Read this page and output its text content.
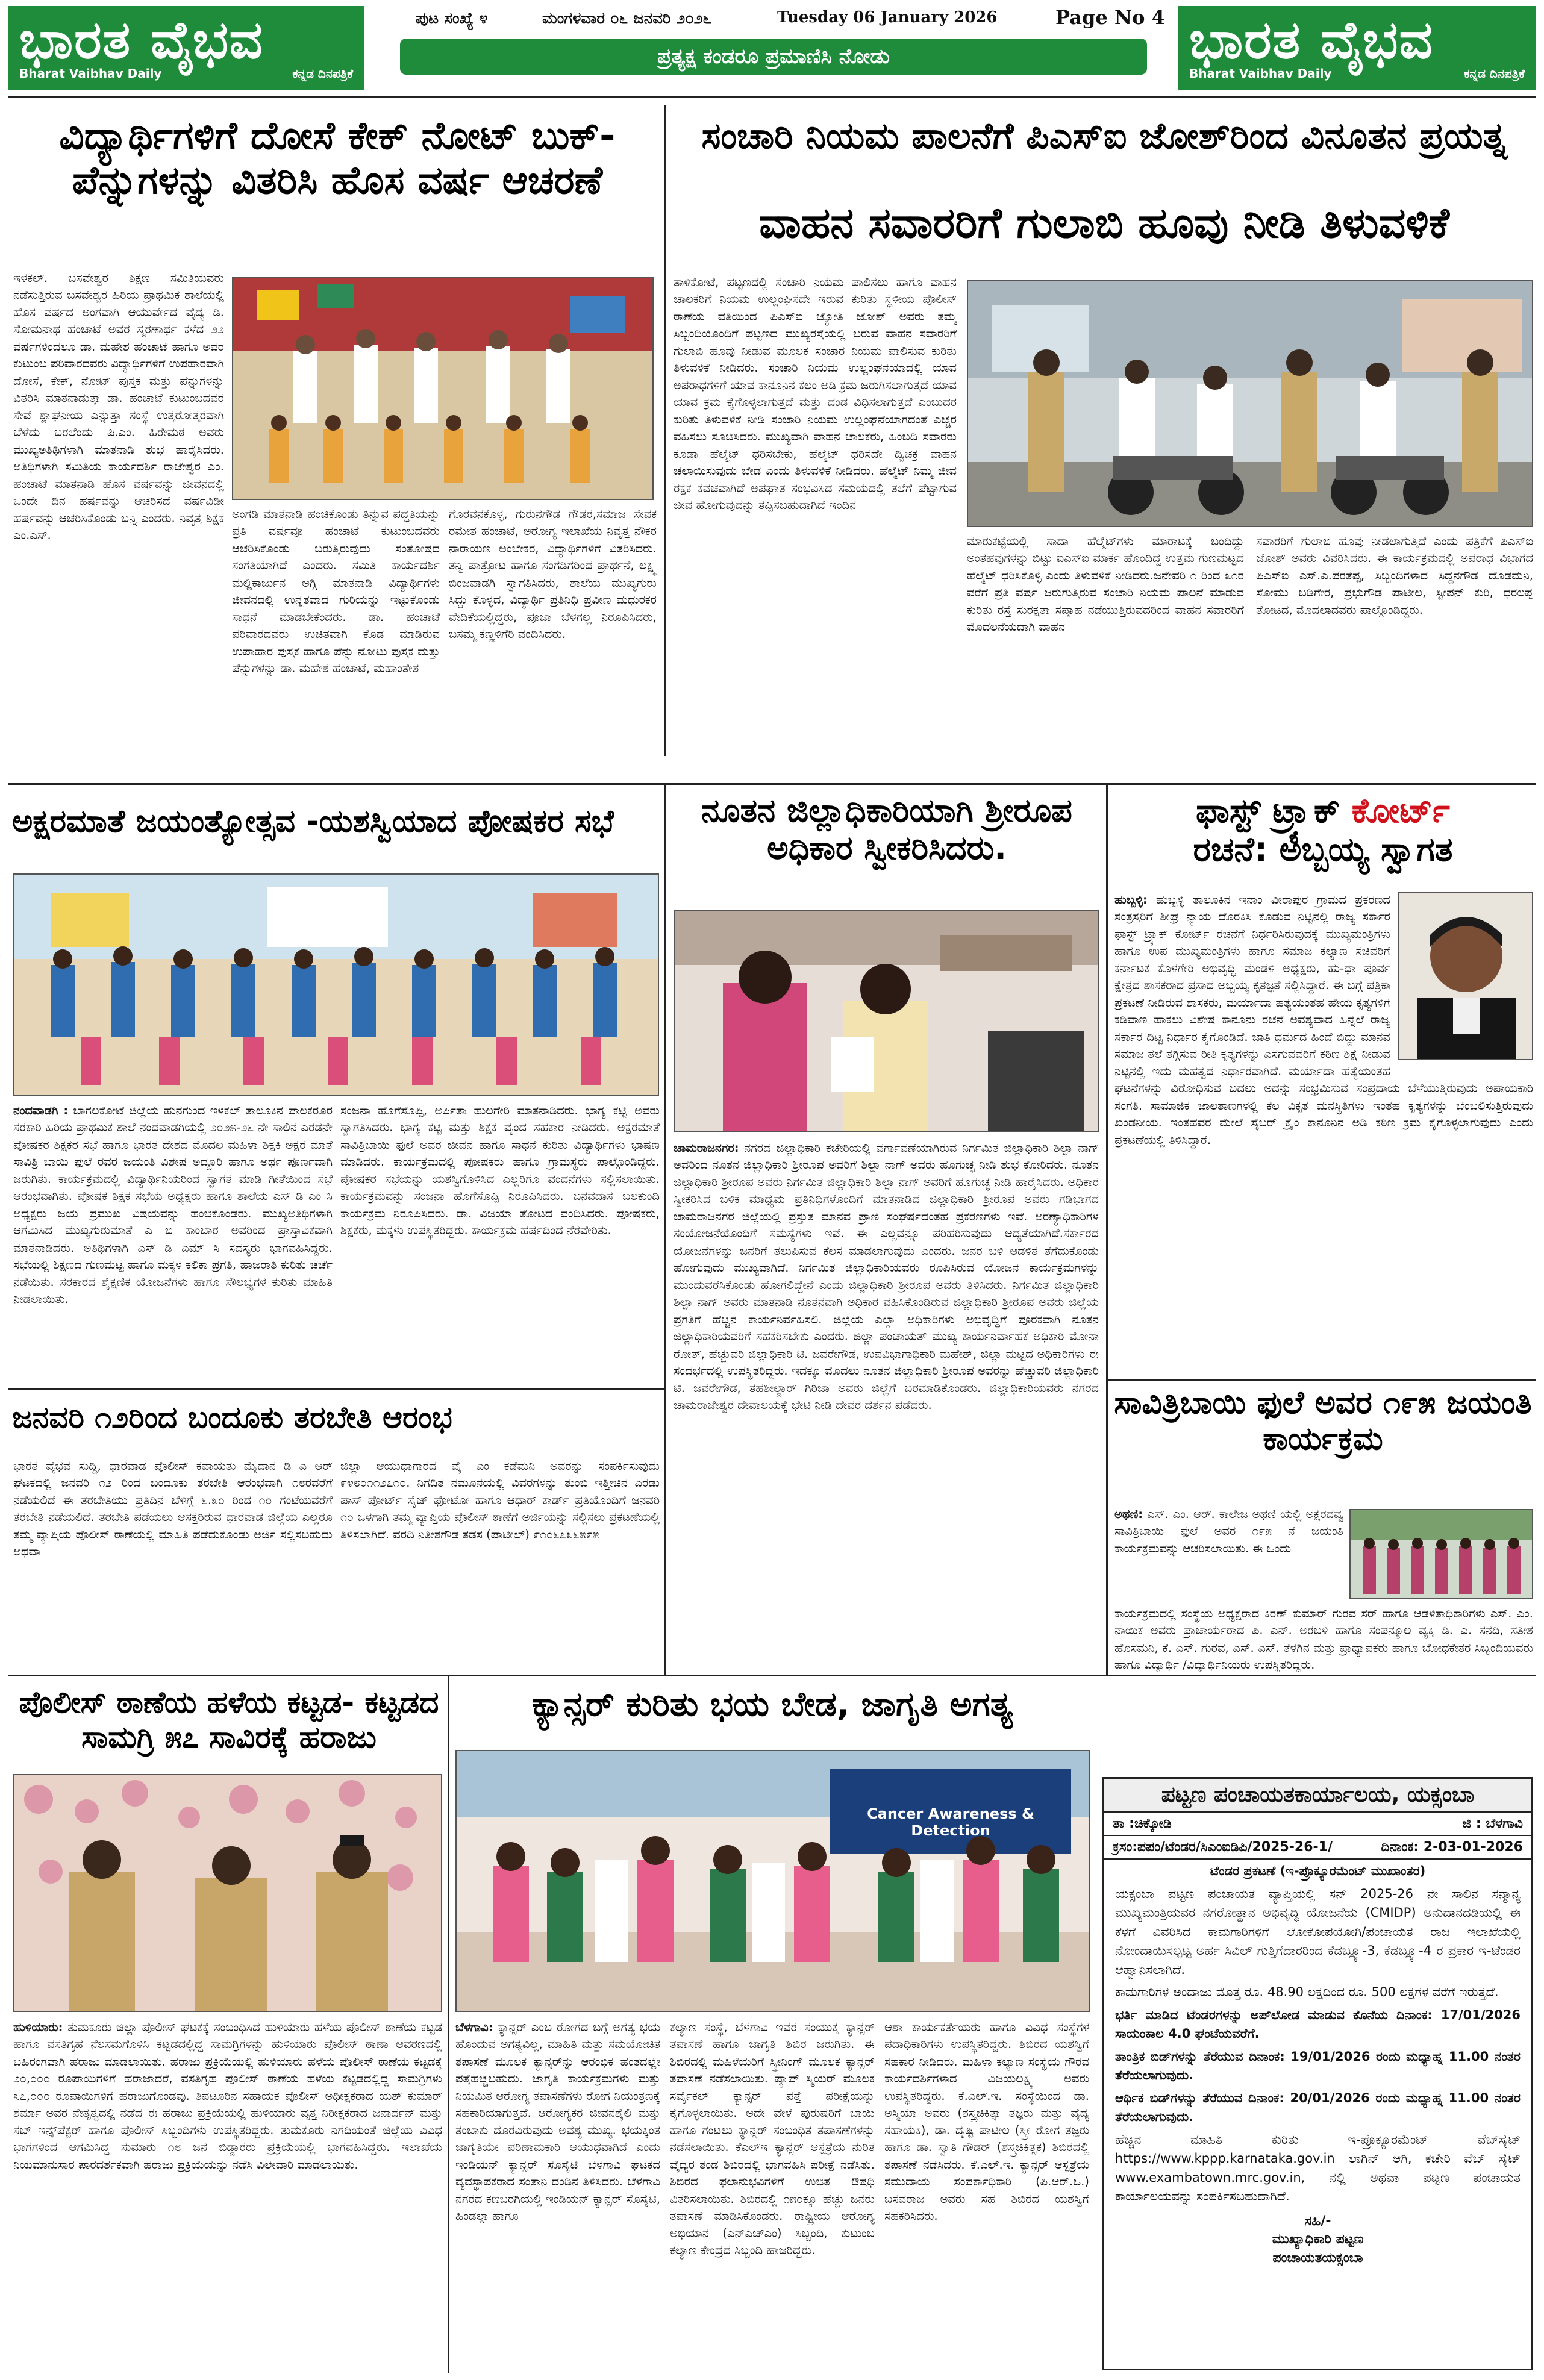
ಭಾರತ ವೈಭವ
Bharat Vaibhav Daily	ಕನ್ನಡ ದಿನಪತ್ರಿಕೆ
ಭಾರತ ವೈಭವ
Bharat Vaibhav Daily	ಕನ್ನಡ ದಿನಪತ್ರಿಕೆ
ಪುಟ ಸಂಖ್ಯೆ ೪	ಮಂಗಳವಾರ ೦೬ ಜನವರಿ ೨೦೨೬	Tuesday 06 January 2026	Page No 4
ಪ್ರತ್ಯಕ್ಷ ಕಂಡರೂ ಪ್ರಮಾಣಿಸಿ ನೋಡು
ವಿದ್ಯಾರ್ಥಿಗಳಿಗೆ ದೋಸೆ ಕೇಕ್ ನೋಟ್ ಬುಕ್- ಪೆನ್ನುಗಳನ್ನು ವಿತರಿಸಿ ಹೊಸ ವರ್ಷ ಆಚರಣೆ
ಇಳಕಲ್. ಬಸವೇಶ್ವರ ಶಿಕ್ಷಣ ಸಮಿತಿಯವರು ನಡೆಸುತ್ತಿರುವ ಬಸವೇಶ್ವರ ಹಿರಿಯ ಪ್ರಾಥಮಿಕ ಶಾಲೆಯಲ್ಲಿ ಹೊಸ ವರ್ಷದ ಅಂಗವಾಗಿ ಆಯುರ್ವೇದ ವೈದ್ಯ ಡಿ. ಸೋಮನಾಥ ಹಂಚಾಟೆ ಅವರ ಸ್ಮರಣಾರ್ಥ ಕಳೆದ ೨೨ ವರ್ಷಗಳಿಂದಲೂ ಡಾ. ಮಹೇಶ ಹಂಚಾಟೆ ಹಾಗೂ ಅವರ ಕುಟುಂಬ ಪರಿವಾರದವರು ವಿದ್ಯಾರ್ಥಿಗಳಿಗೆ ಉಪಹಾರವಾಗಿ ದೋಸೆ, ಕೇಕ್, ನೋಟ್ ಪುಸ್ತಕ ಮತ್ತು ಪೆನ್ನುಗಳನ್ನು ವಿತರಿಸಿ ಮಾತನಾಡುತ್ತಾ ಡಾ. ಹಂಚಾಟೆ ಕುಟುಂಬದವರ ಸೇವೆ ಶ್ಲಾಘನೀಯ ಎನ್ನುತ್ತಾ ಸಂಸ್ಥೆ ಉತ್ತರೋತ್ತರವಾಗಿ ಬೆಳೆದು ಬರಲೆಂದು ಪಿ.ಎಂ. ಹಿರೇಮಠ ಅವರು ಮುಖ್ಯಅತಿಥಿಗಳಾಗಿ ಮಾತನಾಡಿ ಶುಭ ಹಾರೈಸಿದರು. ಅತಿಥಿಗಳಾಗಿ ಸಮಿತಿಯ ಕಾರ್ಯದರ್ಶಿ ರಾಜೇಶ್ವರ ಎಂ. ಹಂಚಾಟೆ ಮಾತನಾಡಿ ಹೊಸ ವರ್ಷವನ್ನು ಜೀವನದಲ್ಲಿ ಒಂದೇ ದಿನ ಹರ್ಷವನ್ನು ಆಚರಿಸದೆ ವರ್ಷವಿಡೀ ಹರ್ಷವನ್ನು ಆಚರಿಸಿಕೊಂಡು ಬನ್ನಿ ಎಂದರು. ನಿವೃತ್ತ ಶಿಕ್ಷಕ ಎಂ.ಎಸ್.
ಅಂಗಡಿ ಮಾತನಾಡಿ ಹಂಚಿಕೊಂಡು ತಿನ್ನುವ ಪದ್ಧತಿಯನ್ನು ಪ್ರತಿ ವರ್ಷವೂ ಹಂಚಾಟೆ ಕುಟುಂಬದವರು ಆಚರಿಸಿಕೊಂಡು ಬರುತ್ತಿರುವುದು ಸಂತೋಷದ ಸಂಗತಿಯಾಗಿದೆ ಎಂದರು. ಸಮಿತಿ ಕಾರ್ಯದರ್ಶಿ ಮಲ್ಲಿಕಾರ್ಜುನ ಅಗ್ಗಿ ಮಾತನಾಡಿ ವಿದ್ಯಾರ್ಥಿಗಳು ಜೀವನದಲ್ಲಿ ಉನ್ನತವಾದ ಗುರಿಯನ್ನು ಇಟ್ಟುಕೊಂಡು ಸಾಧನೆ ಮಾಡಬೇಕೆಂದರು. ಡಾ. ಹಂಚಾಟೆ ಪರಿವಾರದವರು ಉಚಿತವಾಗಿ ಕೊಡ ಮಾಡಿರುವ ಉಪಾಹಾರ ಪುಸ್ತಕ ಹಾಗೂ ಪೆನ್ನು ನೋಟು ಪುಸ್ತಕ ಮತ್ತು ಪೆನ್ನುಗಳನ್ನು ಡಾ. ಮಹೇಶ ಹಂಚಾಟೆ, ಮಹಾಂತೇಶ
ಗೊರವನಕೊಳ್ಳ, ಗುರುನಗೌಡ ಗೌಡರ,ಸಮಾಜ ಸೇವಕ ರಮೇಶ ಹಂಚಾಟೆ, ಅರೋಗ್ಯ ಇಲಾಖೆಯ ನಿವೃತ್ತ ನೌಕರ ನಾರಾಯಣ ಅಂಬೇಕರ, ವಿದ್ಯಾರ್ಥಿಗಳಿಗೆ ವಿತರಿಸಿದರು. ತನ್ವಿ ಪಾತ್ರೋಟ ಹಾಗೂ ಸಂಗಡಿಗರಿಂದ ಪ್ರಾರ್ಥನೆ, ಲಕ್ಷ್ಮಿ ಬಿಂಜವಾಡಗಿ ಸ್ವಾಗತಿಸಿದರು, ಶಾಲೆಯ ಮುಖ್ಯಗುರು ಸಿದ್ದು ಕೊಳ್ಳದ, ವಿದ್ಯಾರ್ಥಿ ಪ್ರತಿನಿಧಿ ಪ್ರವೀಣ ಮಧುರಕರ ವೇದಿಕೆಯಲ್ಲಿದ್ದರು, ಪೂಜಾ ಬೆಳಗಲ್ಲ ನಿರೂಪಿಸಿದರು, ಬಸಮ್ಮ ಕಣ್ಣಳಿಗೆರಿ ವಂದಿಸಿದರು.
ಸಂಚಾರಿ ನಿಯಮ ಪಾಲನೆಗೆ ಪಿಎಸ್ಐ ಜೋಶ್‌ರಿಂದ ವಿನೂತನ ಪ್ರಯತ್ನ
ವಾಹನ ಸವಾರರಿಗೆ ಗುಲಾಬಿ ಹೂವು ನೀಡಿ ತಿಳುವಳಿಕೆ
ತಾಳಿಕೋಟೆ, ಪಟ್ಟಣದಲ್ಲಿ ಸಂಚಾರಿ ನಿಯಮ ಪಾಲಿಸಲು ಹಾಗೂ ವಾಹನ ಚಾಲಕರಿಗೆ ನಿಯಮ ಉಲ್ಲಂಘಿಸದೇ ಇರುವ ಕುರಿತು ಸ್ಥಳೀಯ ಪೊಲೀಸ್ ಠಾಣೆಯ ವತಿಯಿಂದ ಪಿಎಸ್ಐ ಜ್ಯೋತಿ ಜೋಶ್ ಅವರು ತಮ್ಮ ಸಿಬ್ಬಂದಿಯೊಂದಿಗೆ ಪಟ್ಟಣದ ಮುಖ್ಯರಸ್ತೆಯಲ್ಲಿ ಬರುವ ವಾಹನ ಸವಾರರಿಗೆ ಗುಲಾಬಿ ಹೂವು ನೀಡುವ ಮೂಲಕ ಸಂಚಾರ ನಿಯಮ ಪಾಲಿಸುವ ಕುರಿತು ತಿಳುವಳಿಕೆ ನೀಡಿದರು. ಸಂಚಾರಿ ನಿಯಮ ಉಲ್ಲಂಘನೆಯಾದಲ್ಲಿ ಯಾವ ಅಪರಾಧಗಳಿಗೆ ಯಾವ ಕಾನೂನಿನ ಕಲಂ ಅಡಿ ಕ್ರಮ ಜರುಗಿಸಲಾಗುತ್ತದೆ ಯಾವ ಯಾವ ಕ್ರಮ ಕೈಗೊಳ್ಳಲಾಗುತ್ತದೆ ಮತ್ತು ದಂಡ ವಿಧಿಸಲಾಗುತ್ತದೆ ಎಂಬುದರ ಕುರಿತು ತಿಳುವಳಿಕೆ ನೀಡಿ ಸಂಚಾರಿ ನಿಯಮ ಉಲ್ಲಂಘನೆಯಾಗದಂತೆ ಎಚ್ಚರ ವಹಿಸಲು ಸೂಚಿಸಿದರು. ಮುಖ್ಯವಾಗಿ ವಾಹನ ಚಾಲಕರು, ಹಿಂಬದಿ ಸವಾರರು ಕೂಡಾ ಹೆಲ್ಮೆಟ್ ಧರಿಸಬೇಕು, ಹೆಲ್ಮೆಟ್ ಧರಿಸದೇ ದ್ವಿಚಕ್ರ ವಾಹನ ಚಲಾಯಿಸುವುದು ಬೇಡ ಎಂದು ತಿಳುವಳಿಕೆ ನೀಡಿದರು. ಹೆಲ್ಮೆಟ್ ನಿಮ್ಮ ಜೀವ ರಕ್ಷಕ ಕವಚವಾಗಿದೆ ಅಪಘಾತ ಸಂಭವಿಸಿದ ಸಮಯದಲ್ಲಿ ತಲೆಗೆ ಪೆಟ್ಟಾಗುವ ಜೀವ ಹೋಗುವುದನ್ನು ತಪ್ಪಿಸಬಹುದಾಗಿದೆ ಇಂದಿನ
ಮಾರುಕಟ್ಟೆಯಲ್ಲಿ ಸಾದಾ ಹೆಲ್ಮೆಟ್‌ಗಳು ಮಾರಾಟಕ್ಕೆ ಬಂದಿದ್ದು ಅಂತಹವುಗಳನ್ನು ಬಿಟ್ಟು ಐಎಸ್ಐ ಮಾರ್ಕ ಹೊಂದಿದ್ದ ಉತ್ತಮ ಗುಣಮಟ್ಟದ ಹೆಲ್ಮೆಟ್ ಧರಿಸಿಕೊಳ್ಳಿ ಎಂದು ತಿಳುವಳಿಕೆ ನೀಡಿದರು.ಜನೇವರಿ ೧ ರಿಂದ ೩೧ರ ವರೆಗೆ ಪ್ರತಿ ವರ್ಷ ಜರುಗುತ್ತಿರುವ ಸಂಚಾರಿ ನಿಯಮ ಪಾಲನೆ ಮಾಡುವ ಕುರಿತು ರಸ್ತೆ ಸುರಕ್ಷತಾ ಸಪ್ತಾಹ ನಡೆಯುತ್ತಿರುವದರಿಂದ ವಾಹನ ಸವಾರರಿಗೆ ಮೊದಲನೆಯದಾಗಿ ವಾಹನ
ಸವಾರರಿಗೆ ಗುಲಾಬಿ ಹೂವು ನೀಡಲಾಗುತ್ತಿದೆ ಎಂದು ಪತ್ರಿಕೆಗೆ ಪಿಎಸ್ಐ ಜೋಶ್ ಅವರು ವಿವರಿಸಿದರು. ಈ ಕಾರ್ಯಕ್ರಮದಲ್ಲಿ ಅಪರಾಧ ವಿಭಾಗದ ಪಿಎಸ್ಐ ಎಸ್.ಎ.ಪರತೆಪ್ಪ, ಸಿಬ್ಬಂದಿಗಳಾದ ಸಿದ್ದನಗೌಡ ದೊಡಮನಿ, ಸೋಮು ಬಡಿಗೇರ, ಪ್ರಭುಗೌಡ ಪಾಟೀಲ, ಸ್ಟೀಪನ್ ಕುರಿ, ಧರಲಪ್ಪ ತೋಟದ, ಮೊದಲಾದವರು ಪಾಲ್ಗೊಂಡಿದ್ದರು.
ಅಕ್ಷರಮಾತೆ ಜಯಂತ್ಯೋತ್ಸವ -ಯಶಸ್ವಿಯಾದ ಪೋಷಕರ ಸಭೆ
ನಂದವಾಡಗಿ : ಬಾಗಲಕೋಟೆ ಜಿಲ್ಲೆಯ ಹುನಗುಂದ ಇಳಕಲ್ ತಾಲೂಕಿನ ಪಾಲಕರೂರ ಸರಕಾರಿ ಹಿರಿಯ ಪ್ರಾಥಮಿಕ ಶಾಲೆ ನಂದವಾಡಗಿಯಲ್ಲಿ ೨೦೨೫-೨೬ ನೇ ಸಾಲಿನ ಎರಡನೇ ಪೋಷಕರ ಶಿಕ್ಷಕರ ಸಭೆ ಹಾಗೂ ಭಾರತ ದೇಶದ ಮೊದಲ ಮಹಿಳಾ ಶಿಕ್ಷಕಿ ಅಕ್ಷರ ಮಾತೆ ಸಾವಿತ್ರಿ ಬಾಯಿ ಫುಲೆ ರವರ ಜಯಂತಿ ವಿಶೇಷ ಅದ್ದೂರಿ ಹಾಗೂ ಅರ್ಥ ಪೂರ್ಣವಾಗಿ ಜರುಗಿತು. ಕಾರ್ಯಕ್ರಮದಲ್ಲಿ ವಿದ್ಯಾರ್ಥಿನಿಯರಿಂದ ಸ್ವಾಗತ ಮಾಡಿ ಗೀತೆಯಿಂದ ಸಭೆ ಆರಂಭವಾಗಿತು. ಪೋಷಕ ಶಿಕ್ಷಕ ಸಭೆಯ ಅಧ್ಯಕ್ಷರು ಹಾಗೂ ಶಾಲೆಯ ಎಸ್ ಡಿ ಎಂ ಸಿ ಅಧ್ಯಕ್ಷರು ಜಯ ಪ್ರಮುಖ ವಿಷಯವನ್ನು ಹಂಚಿಕೊಂಡರು. ಮುಖ್ಯಅತಿಥಿಗಳಾಗಿ ಆಗಮಿಸಿದ ಮುಖ್ಯಗುರುಮಾತೆ ಎ ಬಿ ಕಾಂಬಾರ ಅವರಿಂದ ಪ್ರಾಸ್ತಾವಿಕವಾಗಿ ಮಾತನಾಡಿದರು. ಅತಿಥಿಗಳಾಗಿ ಎಸ್ ಡಿ ಎಮ್ ಸಿ ಸದಸ್ಯರು ಭಾಗವಹಿಸಿದ್ದರು. ಸಭೆಯಲ್ಲಿ ಶಿಕ್ಷಣದ ಗುಣಮಟ್ಟ ಹಾಗೂ ಮಕ್ಕಳ ಕಲಿಕಾ ಪ್ರಗತಿ, ಹಾಜರಾತಿ ಕುರಿತು ಚರ್ಚೆ ನಡೆಯಿತು. ಸರಕಾರದ ಶೈಕ್ಷಣಿಕ ಯೋಜನೆಗಳು ಹಾಗೂ ಸೌಲಭ್ಯಗಳ ಕುರಿತು ಮಾಹಿತಿ ನೀಡಲಾಯಿತು.
ಸಂಜನಾ ಹೊಗೆಸೊಪ್ಪಿ, ಅರ್ಪಿತಾ ಹುಲಗೇರಿ ಮಾತನಾಡಿದರು. ಭಾಗ್ಯ ಕಟ್ಟಿ ಅವರು ಸ್ವಾಗತಿಸಿದರು. ಭಾಗ್ಯ ಕಟ್ಟಿ ಮತ್ತು ಶಿಕ್ಷಕ ವೃಂದ ಸಹಕಾರ ನೀಡಿದರು. ಅಕ್ಷರಮಾತೆ ಸಾವಿತ್ರಿಬಾಯಿ ಫುಲೆ ಅವರ ಜೀವನ ಹಾಗೂ ಸಾಧನೆ ಕುರಿತು ವಿದ್ಯಾರ್ಥಿಗಳು ಭಾಷಣ ಮಾಡಿದರು. ಕಾರ್ಯಕ್ರಮದಲ್ಲಿ ಪೋಷಕರು ಹಾಗೂ ಗ್ರಾಮಸ್ಥರು ಪಾಲ್ಗೊಂಡಿದ್ದರು. ಪೋಷಕರ ಸಭೆಯನ್ನು ಯಶಸ್ವಿಗೊಳಿಸಿದ ಎಲ್ಲರಿಗೂ ವಂದನೆಗಳು ಸಲ್ಲಿಸಲಾಯಿತು. ಕಾರ್ಯಕ್ರಮವನ್ನು ಸಂಜನಾ ಹೊಗೆಸೊಪ್ಪಿ ನಿರೂಪಿಸಿದರು. ಬನವದಾಸ ಬಲಕುಂದಿ ಕಾರ್ಯಕ್ರಮ ನಿರೂಪಿಸಿದರು. ಡಾ. ವಿಜಯಾ ತೋಟದ ವಂದಿಸಿದರು. ಪೋಷಕರು, ಶಿಕ್ಷಕರು, ಮಕ್ಕಳು ಉಪಸ್ಥಿತರಿದ್ದರು. ಕಾರ್ಯಕ್ರಮ ಹರ್ಷದಿಂದ ನೆರವೇರಿತು.
ಜನವರಿ ೧೨ರಿಂದ ಬಂದೂಕು ತರಬೇತಿ ಆರಂಭ
ಭಾರತ ವೈಭವ ಸುದ್ದಿ, ಧಾರವಾಡ ಪೊಲೀಸ್ ಕವಾಯತು ಮೈದಾನ ಡಿ ಎ ಆರ್ ಘಟಕದಲ್ಲಿ ಜನವರಿ ೧೨ ರಿಂದ ಬಂದೂಕು ತರಬೇತಿ ಆರಂಭವಾಗಿ ೧೮ರವರೆಗೆ ನಡೆಯಲಿದೆ ಈ ತರಬೇತಿಯು ಪ್ರತಿದಿನ ಬೆಳಿಗ್ಗೆ ೬.೩೦ ರಿಂದ ೧೦ ಗಂಟೆಯವರೆಗೆ ತರಬೇತಿ ನಡೆಯಲಿದೆ. ತರಬೇತಿ ಪಡೆಯಲು ಆಸಕ್ತರಿರುವ ಧಾರವಾಡ ಜಿಲ್ಲೆಯ ಎಲ್ಲರೂ ತಮ್ಮ ವ್ಯಾಪ್ತಿಯ ಪೊಲೀಸ್ ಠಾಣೆಯಲ್ಲಿ ಮಾಹಿತಿ ಪಡೆದುಕೊಂಡು ಅರ್ಜಿ ಸಲ್ಲಿಸಬಹುದು ಅಥವಾ
ಜಿಲ್ಲಾ ಆಯುಧಾಗಾರದ ವೈ ಎಂ ಕಡೆಮನಿ ಅವರನ್ನು ಸಂಪರ್ಕಿಸುವುದು ೯೪೮೦೧೧೨೭೧೦. ನಿಗದಿತ ನಮೂನೆಯಲ್ಲಿ ವಿವರಗಳನ್ನು ತುಂಬಿ ಇತ್ತೀಚಿನ ಎರಡು ಪಾಸ್ ಪೋರ್ಟ್ ಸೈಜ್ ಫೋಟೋ ಹಾಗೂ ಆಧಾರ್ ಕಾರ್ಡ್ ಪ್ರತಿಯೊಂದಿಗೆ ಜನವರಿ ೧೦ ಒಳಗಾಗಿ ತಮ್ಮ ವ್ಯಾಪ್ತಿಯ ಪೊಲೀಸ್ ಠಾಣೆಗೆ ಅರ್ಜಿಯನ್ನು ಸಲ್ಲಿಸಲು ಪ್ರಕಟಣೆಯಲ್ಲಿ ತಿಳಿಸಲಾಗಿದೆ. ವರದಿ ನಿತೀಶಗೌಡ ತಡಸ (ಪಾಟೀಲ್) ೯೧೦೬೭೩೬೫೯೫
ನೂತನ ಜಿಲ್ಲಾಧಿಕಾರಿಯಾಗಿ ಶ್ರೀರೂಪ ಅಧಿಕಾರ ಸ್ವೀಕರಿಸಿದರು.
ಚಾಮರಾಜನಗರ: ನಗರದ ಜಿಲ್ಲಾಧಿಕಾರಿ ಕಚೇರಿಯಲ್ಲಿ ವರ್ಗಾವಣೆಯಾಗಿರುವ ನಿರ್ಗಮಿತ ಜಿಲ್ಲಾಧಿಕಾರಿ ಶಿಲ್ಪಾ ನಾಗ್ ಅವರಿಂದ ನೂತನ ಜಿಲ್ಲಾಧಿಕಾರಿ ಶ್ರೀರೂಪ ಅವರಿಗೆ ಶಿಲ್ಪಾ ನಾಗ್ ಅವರು ಹೂಗುಚ್ಛ ನೀಡಿ ಶುಭ ಕೋರಿದರು. ನೂತನ ಜಿಲ್ಲಾಧಿಕಾರಿ ಶ್ರೀರೂಪ ಅವರು ನಿರ್ಗಮಿತ ಜಿಲ್ಲಾಧಿಕಾರಿ ಶಿಲ್ಪಾ ನಾಗ್ ಅವರಿಗೆ ಹೂಗುಚ್ಛ ನೀಡಿ ಹಾರೈಸಿದರು. ಅಧಿಕಾರ ಸ್ವೀಕರಿಸಿದ ಬಳಿಕ ಮಾಧ್ಯಮ ಪ್ರತಿನಿಧಿಗಳೊಂದಿಗೆ ಮಾತನಾಡಿದ ಜಿಲ್ಲಾಧಿಕಾರಿ ಶ್ರೀರೂಪ ಅವರು ಗಡಿಭಾಗದ ಚಾಮರಾಜನಗರ ಜಿಲ್ಲೆಯಲ್ಲಿ ಪ್ರಸ್ತುತ ಮಾನವ ಪ್ರಾಣಿ ಸಂಘರ್ಷದಂತಹ ಪ್ರಕರಣಗಳು ಇವೆ. ಅರಣ್ಯಾಧಿಕಾರಿಗಳ ಸಂಯೋಜನೆಯೊಂದಿಗೆ ಸಮಸ್ಯೆಗಳು ಇವೆ. ಈ ಎಲ್ಲವನ್ನೂ ಪರಿಹರಿಸುವುದು ಆದ್ಯತೆಯಾಗಿದೆ.ಸರ್ಕಾರದ ಯೋಜನೆಗಳನ್ನು ಜನರಿಗೆ ತಲುಪಿಸುವ ಕೆಲಸ ಮಾಡಲಾಗುವುದು ಎಂದರು. ಜನರ ಬಳಿ ಆಡಳಿತ ತೆಗೆದುಕೊಂಡು ಹೋಗುವುದು ಮುಖ್ಯವಾಗಿದೆ. ನಿರ್ಗಮಿತ ಜಿಲ್ಲಾಧಿಕಾರಿಯವರು ರೂಪಿಸಿರುವ ಯೋಜನೆ ಕಾರ್ಯಕ್ರಮಗಳನ್ನು ಮುಂದುವರೆಸಿಕೊಂಡು ಹೋಗಲಿದ್ದೇನೆ ಎಂದು ಜಿಲ್ಲಾಧಿಕಾರಿ ಶ್ರೀರೂಪ ಅವರು ತಿಳಿಸಿದರು. ನಿರ್ಗಮಿತ ಜಿಲ್ಲಾಧಿಕಾರಿ ಶಿಲ್ಪಾ ನಾಗ್ ಅವರು ಮಾತನಾಡಿ ನೂತನವಾಗಿ ಅಧಿಕಾರ ವಹಿಸಿಕೊಂಡಿರುವ ಜಿಲ್ಲಾಧಿಕಾರಿ ಶ್ರೀರೂಪ ಅವರು ಜಿಲ್ಲೆಯ ಪ್ರಗತಿಗೆ ಹೆಚ್ಚಿನ ಕಾರ್ಯನಿರ್ವಹಿಸಲಿ. ಜಿಲ್ಲೆಯ ಎಲ್ಲಾ ಅಧಿಕಾರಿಗಳು ಅಭಿವೃದ್ಧಿಗೆ ಪೂರಕವಾಗಿ ನೂತನ ಜಿಲ್ಲಾಧಿಕಾರಿಯವರಿಗೆ ಸಹಕರಿಸಬೇಕು ಎಂದರು. ಜಿಲ್ಲಾ ಪಂಚಾಯತ್ ಮುಖ್ಯ ಕಾರ್ಯನಿರ್ವಾಹಕ ಅಧಿಕಾರಿ ಮೋನಾ ರೋತ್, ಹೆಚ್ಚುವರಿ ಜಿಲ್ಲಾಧಿಕಾರಿ ಟಿ. ಜವರೇಗೌಡ, ಉಪವಿಭಾಗಾಧಿಕಾರಿ ಮಹೇಶ್, ಜಿಲ್ಲಾ ಮಟ್ಟದ ಅಧಿಕಾರಿಗಳು ಈ ಸಂದರ್ಭದಲ್ಲಿ ಉಪಸ್ಥಿತರಿದ್ದರು. ಇದಕ್ಕೂ ಮೊದಲು ನೂತನ ಜಿಲ್ಲಾಧಿಕಾರಿ ಶ್ರೀರೂಪ ಅವರನ್ನು ಹೆಚ್ಚುವರಿ ಜಿಲ್ಲಾಧಿಕಾರಿ ಟಿ. ಜವರೇಗೌಡ, ತಹಶೀಲ್ದಾರ್ ಗಿರಿಜಾ ಅವರು ಜಿಲ್ಲೆಗೆ ಬರಮಾಡಿಕೊಂಡರು. ಜಿಲ್ಲಾಧಿಕಾರಿಯವರು ನಗರದ ಚಾಮರಾಜೇಶ್ವರ ದೇವಾಲಯಕ್ಕೆ ಭೇಟಿ ನೀಡಿ ದೇವರ ದರ್ಶನ ಪಡೆದರು.
ಫಾಸ್ಟ್ ಟ್ರ್ಯಾಕ್ ಕೋರ್ಟ್
ರಚನೆ: ಅಬ್ಬಯ್ಯ ಸ್ವಾಗತ
ಹುಬ್ಬಳ್ಳಿ: ಹುಬ್ಬಳ್ಳಿ ತಾಲೂಕಿನ ಇನಾಂ ವೀರಾಪುರ ಗ್ರಾಮದ ಪ್ರಕರಣದ ಸಂತ್ರಸ್ತರಿಗೆ ಶೀಘ್ರ ನ್ಯಾಯ ದೊರಕಿಸಿ ಕೊಡುವ ನಿಟ್ಟಿನಲ್ಲಿ ರಾಜ್ಯ ಸರ್ಕಾರ ಫಾಸ್ಟ್ ಟ್ರ್ಯಾಕ್ ಕೋರ್ಟ್ ರಚನೆಗೆ ನಿರ್ಧರಿಸಿರುವುದಕ್ಕೆ ಮುಖ್ಯಮಂತ್ರಿಗಳು ಹಾಗೂ ಉಪ ಮುಖ್ಯಮಂತ್ರಿಗಳು ಹಾಗೂ ಸಮಾಜ ಕಲ್ಯಾಣ ಸಚಿವರಿಗೆ ಕರ್ನಾಟಕ ಕೊಳಗೇರಿ ಅಭಿವೃದ್ಧಿ ಮಂಡಳಿ ಅಧ್ಯಕ್ಷರು, ಹು-ಧಾ ಪೂರ್ವ ಕ್ಷೇತ್ರದ ಶಾಸಕರಾದ ಪ್ರಸಾದ ಅಬ್ಬಯ್ಯ ಕೃತಜ್ಞತೆ ಸಲ್ಲಿಸಿದ್ದಾರೆ. ಈ ಬಗ್ಗೆ ಪತ್ರಿಕಾ ಪ್ರಕಟಣೆ ನೀಡಿರುವ ಶಾಸಕರು, ಮರ್ಯಾದಾ ಹತ್ಯೆಯಂತಹ ಹೇಯ ಕೃತ್ಯಗಳಿಗೆ ಕಡಿವಾಣ ಹಾಕಲು ವಿಶೇಷ ಕಾನೂನು ರಚನೆ ಅವಶ್ಯವಾದ ಹಿನ್ನೆಲೆ ರಾಜ್ಯ ಸರ್ಕಾರ ದಿಟ್ಟ ನಿರ್ಧಾರ ಕೈಗೊಂಡಿದೆ. ಜಾತಿ ಧರ್ಮದ ಹಿಂದೆ ಬಿದ್ದು ಮಾನವ ಸಮಾಜ ತಲೆ ತಗ್ಗಿಸುವ ರೀತಿ ಕೃತ್ಯಗಳನ್ನು ಎಸಗುವವರಿಗೆ ಕಠಿಣ ಶಿಕ್ಷೆ ನೀಡುವ ನಿಟ್ಟಿನಲ್ಲಿ ಇದು ಮಹತ್ವದ ನಿರ್ಧಾರವಾಗಿದೆ. ಮರ್ಯಾದಾ ಹತ್ಯೆಯಂತಹ ಘಟನೆಗಳನ್ನು ವಿರೋಧಿಸುವ ಬದಲು ಅದನ್ನು ಸಂಭ್ರಮಿಸುವ ಸಂಪ್ರದಾಯ ಬೆಳೆಯುತ್ತಿರುವುದು ಅಪಾಯಕಾರಿ ಸಂಗತಿ. ಸಾಮಾಜಿಕ ಜಾಲತಾಣಗಳಲ್ಲಿ ಕೆಲ ವಿಕೃತ ಮನಸ್ಥಿತಿಗಳು ಇಂತಹ ಕೃತ್ಯಗಳನ್ನು ಬೆಂಬಲಿಸುತ್ತಿರುವುದು ಖಂಡನೀಯ. ಇಂತಹವರ ಮೇಲೆ ಸೈಬರ್ ಕ್ರೈಂ ಕಾನೂನಿನ ಅಡಿ ಕಠಿಣ ಕ್ರಮ ಕೈಗೊಳ್ಳಲಾಗುವುದು ಎಂದು ಪ್ರಕಟಣೆಯಲ್ಲಿ ತಿಳಿಸಿದ್ದಾರೆ.
ಸಾವಿತ್ರಿಬಾಯಿ ಫುಲೆ ಅವರ ೧೯೫ ಜಯಂತಿ ಕಾರ್ಯಕ್ರಮ
ಅಥಣಿ: ಎಸ್. ಎಂ. ಆರ್. ಕಾಲೇಜ ಅಥಣಿ ಯಲ್ಲಿ ಅಕ್ಷರದವ್ವ ಸಾವಿತ್ರಿಬಾಯಿ ಫುಲೆ ಅವರ ೧೯೫ ನೆ ಜಯಂತಿ ಕಾರ್ಯಕ್ರಮವನ್ನು ಆಚರಿಸಲಾಯಿತು. ಈ ಒಂದು
ಕಾರ್ಯಕ್ರಮದಲ್ಲಿ ಸಂಸ್ಥೆಯ ಅಧ್ಯಕ್ಷರಾದ ಕಿರಣ್ ಕುಮಾರ್ ಗುರವ ಸರ್ ಹಾಗೂ ಆಡಳಿತಾಧಿಕಾರಿಗಳು ಎಸ್. ಎಂ. ನಾಯಿಕ ಅವರು ಪ್ರಾಚಾರ್ಯರಾದ ಪಿ. ಎನ್. ಅರಬಳಿ ಹಾಗೂ ಸಂಪನ್ಮೂಲ ವ್ಯಕ್ತಿ ಡಿ. ಎ. ಸನದಿ, ಸತೀಶ ಹೊಸಮನಿ, ಕೆ. ಎಸ್. ಗುರವ, ಎಸ್. ಎಸ್. ತೆಳಗಿನ ಮತ್ತು ಪ್ರಾಧ್ಯಾಪಕರು ಹಾಗೂ ಬೋಧಕೇತರ ಸಿಬ್ಬಂದಿಯವರು ಹಾಗೂ ವಿದ್ಯಾರ್ಥಿ /ವಿದ್ಯಾರ್ಥಿನಿಯರು ಉಪಸ್ಥಿತರಿದ್ದರು.
ಪೊಲೀಸ್ ಠಾಣೆಯ ಹಳೆಯ ಕಟ್ಟಡ- ಕಟ್ಟಡದ ಸಾಮಗ್ರಿ ೫೭ ಸಾವಿರಕ್ಕೆ ಹರಾಜು
ಹುಳಿಯಾರು: ತುಮಕೂರು ಜಿಲ್ಲಾ ಪೊಲೀಸ್ ಘಟಕಕ್ಕೆ ಸಂಬಂಧಿಸಿದ ಹುಳಿಯಾರು ಹಳೆಯ ಪೊಲೀಸ್ ಠಾಣೆಯ ಕಟ್ಟಡ ಹಾಗೂ ವಸತಿಗೃಹ ನೆಲಸಮಗೊಳಿಸಿ ಕಟ್ಟಡದಲ್ಲಿದ್ದ ಸಾಮಗ್ರಿಗಳನ್ನು ಹುಳಿಯಾರು ಪೊಲೀಸ್ ಠಾಣಾ ಆವರಣದಲ್ಲಿ ಬಹಿರಂಗವಾಗಿ ಹರಾಜು ಮಾಡಲಾಯಿತು. ಹರಾಜು ಪ್ರಕ್ರಿಯೆಯಲ್ಲಿ ಹುಳಿಯಾರು ಹಳೆಯ ಪೊಲೀಸ್ ಠಾಣೆಯ ಕಟ್ಟಡಕ್ಕೆ ೨೦,೦೦೦ ರೂಪಾಯಿಗಳಿಗೆ ಹರಾಜಾದರೆ, ವಸತಿಗೃಹ ಪೊಲೀಸ್ ಠಾಣೆಯ ಹಳೆಯ ಕಟ್ಟಡದಲ್ಲಿದ್ದ ಸಾಮಗ್ರಿಗಳು ೩೭,೦೦೦ ರೂಪಾಯಿಗಳಿಗೆ ಹರಾಜುಗೊಂಡವು. ತಿಪಟೂರಿನ ಸಹಾಯಕ ಪೊಲೀಸ್ ಅಧೀಕ್ಷಕರಾದ ಯಶ್ ಕುಮಾರ್ ಶರ್ಮಾ ಅವರ ನೇತೃತ್ವದಲ್ಲಿ ನಡೆದ ಈ ಹರಾಜು ಪ್ರಕ್ರಿಯೆಯಲ್ಲಿ ಹುಳಿಯಾರು ವೃತ್ತ ನಿರೀಕ್ಷಕರಾದ ಜನಾರ್ದನ್ ಮತ್ತು ಸಬ್ ಇನ್ಸ್‌ಪೆಕ್ಟರ್ ಹಾಗೂ ಪೊಲೀಸ್ ಸಿಬ್ಬಂದಿಗಳು ಉಪಸ್ಥಿತರಿದ್ದರು. ತುಮಕೂರು ನಿಗದಿಯಂತೆ ಜಿಲ್ಲೆಯ ವಿವಿಧ ಭಾಗಗಳಿಂದ ಆಗಮಿಸಿದ್ದ ಸುಮಾರು ೧೮ ಜನ ಬಿಡ್ದಾರರು ಪ್ರಕ್ರಿಯೆಯಲ್ಲಿ ಭಾಗವಹಿಸಿದ್ದರು. ಇಲಾಖೆಯ ನಿಯಮಾನುಸಾರ ಪಾರದರ್ಶಕವಾಗಿ ಹರಾಜು ಪ್ರಕ್ರಿಯೆಯನ್ನು ನಡೆಸಿ ವಿಲೇವಾರಿ ಮಾಡಲಾಯಿತು.
ಕ್ಯಾನ್ಸರ್ ಕುರಿತು ಭಯ ಬೇಡ, ಜಾಗೃತಿ ಅಗತ್ಯ
Cancer Awareness & Detection
ಬೆಳಗಾವಿ: ಕ್ಯಾನ್ಸರ್ ಎಂಬ ರೋಗದ ಬಗ್ಗೆ ಅಗತ್ಯ ಭಯ ಹೊಂದುವ ಅಗತ್ಯವಿಲ್ಲ, ಮಾಹಿತಿ ಮತ್ತು ಸಮಯೋಚಿತ ತಪಾಸಣೆ ಮೂಲಕ ಕ್ಯಾನ್ಸರ್‌ನ್ನು ಆರಂಭಿಕ ಹಂತದಲ್ಲೇ ಪತ್ತೆಹಚ್ಚಬಹುದು. ಜಾಗೃತಿ ಕಾರ್ಯಕ್ರಮಗಳು ಮತ್ತು ನಿಯಮಿತ ಆರೋಗ್ಯ ತಪಾಸಣೆಗಳು ರೋಗ ನಿಯಂತ್ರಣಕ್ಕೆ ಸಹಕಾರಿಯಾಗುತ್ತವೆ. ಆರೋಗ್ಯಕರ ಜೀವನಶೈಲಿ ಮತ್ತು ತಂಬಾಕು ದೂರವಿರುವುದು ಅವಶ್ಯ ಮುಖ್ಯ. ಭಯಕ್ಕಿಂತ ಜಾಗೃತಿಯೇ ಪರಿಣಾಮಕಾರಿ ಆಯುಧವಾಗಿದೆ ಎಂದು ಇಂಡಿಯನ್ ಕ್ಯಾನ್ಸರ್ ಸೊಸೈಟಿ ಬೆಳಗಾವಿ ಘಟಕದ ವ್ಯವಸ್ಥಾಪಕರಾದ ಸಂತಾನಿ ದಂಡಿನ ತಿಳಿಸಿದರು. ಬೆಳಗಾವಿ ನಗರದ ಕಣಬರಗಿಯಲ್ಲಿ ಇಂಡಿಯನ್ ಕ್ಯಾನ್ಸರ್ ಸೊಸೈಟಿ, ಹಿಂಡಲ್ಗಾ ಹಾಗೂ
ಕಲ್ಯಾಣ ಸಂಸ್ಥೆ, ಬೆಳಗಾವಿ ಇವರ ಸಂಯುಕ್ತ ಕ್ಯಾನ್ಸರ್ ತಪಾಸಣೆ ಹಾಗೂ ಜಾಗೃತಿ ಶಿಬಿರ ಜರುಗಿತು. ಈ ಶಿಬಿರದಲ್ಲಿ ಮಹಿಳೆಯರಿಗೆ ಸ್ಕ್ರೀನಿಂಗ್ ಮೂಲಕ ಕ್ಯಾನ್ಸರ್ ತಪಾಸಣೆ ನಡೆಸಲಾಯಿತು. ಪ್ಯಾಪ್ ಸ್ಮಿಯರ್ ಮೂಲಕ ಸರ್ವೈಕಲ್ ಕ್ಯಾನ್ಸರ್ ಪತ್ತೆ ಪರೀಕ್ಷೆಯನ್ನು ಕೈಗೊಳ್ಳಲಾಯಿತು. ಅದೇ ವೇಳೆ ಪುರುಷರಿಗೆ ಬಾಯಿ ಹಾಗೂ ಗಂಟಲು ಕ್ಯಾನ್ಸರ್ ಸಂಬಂಧಿತ ತಪಾಸಣೆಗಳನ್ನು ನಡೆಸಲಾಯಿತು. ಕೆಎಲ್‌ಇ ಕ್ಯಾನ್ಸರ್ ಆಸ್ಪತ್ರೆಯ ನುರಿತ ವೈದ್ಯರ ತಂಡ ಶಿಬಿರದಲ್ಲಿ ಭಾಗವಹಿಸಿ ಪರೀಕ್ಷೆ ನಡೆಸಿತು. ಶಿಬಿರದ ಫಲಾನುಭವಿಗಳಿಗೆ ಉಚಿತ ಔಷಧಿ ವಿತರಿಸಲಾಯಿತು. ಶಿಬಿರದಲ್ಲಿ ೧೫೦ಕ್ಕೂ ಹೆಚ್ಚು ಜನರು ತಪಾಸಣೆ ಮಾಡಿಸಿಕೊಂಡರು. ರಾಷ್ಟ್ರೀಯ ಆರೋಗ್ಯ ಅಭಿಯಾನ (ಎನ್‌ಎಚ್‌ಎಂ) ಸಿಬ್ಬಂದಿ, ಕುಟುಂಬ ಕಲ್ಯಾಣ ಕೇಂದ್ರದ ಸಿಬ್ಬಂದಿ ಹಾಜರಿದ್ದರು.
ಆಶಾ ಕಾರ್ಯಕರ್ತೆಯರು ಹಾಗೂ ವಿವಿಧ ಸಂಸ್ಥೆಗಳ ಪದಾಧಿಕಾರಿಗಳು ಉಪಸ್ಥಿತರಿದ್ದರು. ಶಿಬಿರದ ಯಶಸ್ವಿಗೆ ಸಹಕಾರ ನೀಡಿದರು. ಮಹಿಳಾ ಕಲ್ಯಾಣ ಸಂಸ್ಥೆಯ ಗೌರವ ಕಾರ್ಯದರ್ಶಿಗಳಾದ ವಿಜಯಲಕ್ಷ್ಮಿ ಅವರು ಉಪಸ್ಥಿತರಿದ್ದರು. ಕೆ.ಎಲ್.ಇ. ಸಂಸ್ಥೆಯಿಂದ ಡಾ. ಅಸ್ಮಿಯಾ ಅವರು (ಶಸ್ತ್ರಚಿಕಿತ್ಸಾ ತಜ್ಞರು ಮತ್ತು ವೈದ್ಯ ಸಹಾಯಕಿ), ಡಾ. ದೃಷ್ಟಿ ಪಾಟೀಲ (ಸ್ತ್ರೀ ರೋಗ ತಜ್ಞರು ಹಾಗೂ ಡಾ. ಸ್ವಾತಿ ಗೌಡರ್ (ಶಸ್ತ್ರಚಿಕಿತ್ಸಕ) ಶಿಬಿರದಲ್ಲಿ ತಪಾಸಣೆ ನಡೆಸಿದರು. ಕೆ.ಎಲ್.ಇ. ಕ್ಯಾನ್ಸರ್ ಆಸ್ಪತ್ರೆಯ ಸಮುದಾಯ ಸಂಪರ್ಕಾಧಿಕಾರಿ (ಪಿ.ಆರ್.ಒ.) ಬಸವರಾಜ ಅವರು ಸಹ ಶಿಬಿರದ ಯಶಸ್ವಿಗೆ ಸಹಕರಿಸಿದರು.
ಪಟ್ಟಣ ಪಂಚಾಯತಕಾರ್ಯಾಲಯ, ಯಕ್ಸಂಬಾ
ತಾ :ಚಿಕ್ಕೋಡಿ	ಜಿ : ಬೆಳಗಾವಿ
ಕ್ರಸಂ:ಪಪಂ/ಟೆಂಡರ/ಸಿಎಂಐಡಿಪಿ/2025-26-1/	ದಿನಾಂಕ: 2-03-01-2026
ಟೆಂಡರ ಪ್ರಕಟಣೆ (ಇ-ಪ್ರೊಕ್ಯೂರಮೆಂಟ್ ಮುಖಾಂತರ)
ಯಕ್ಸಂಬಾ ಪಟ್ಟಣ ಪಂಚಾಯತ ವ್ಯಾಪ್ತಿಯಲ್ಲಿ ಸನ್ 2025-26 ನೇ ಸಾಲಿನ ಸನ್ಮಾನ್ಯ ಮುಖ್ಯಮಂತ್ರಿಯವರ ನಗರೋತ್ಥಾನ ಅಭಿವೃದ್ಧಿ ಯೋಜನೆಯ (CMIDP) ಅನುದಾನದಡಿಯಲ್ಲಿ ಈ ಕೆಳಗೆ ವಿವರಿಸಿದ ಕಾಮಗಾರಿಗಳಿಗೆ ಲೋಕೋಪಯೋಗಿ/ಪಂಚಾಯತ ರಾಜ ಇಲಾಖೆಯಲ್ಲಿ ನೋಂದಾಯಿಸಲ್ಪಟ್ಟ ಅರ್ಹ ಸಿವಿಲ್ ಗುತ್ತಿಗೆದಾರರಿಂದ ಕೆಡಬ್ಲ್ಯೂ-3, ಕೆಡಬ್ಲ್ಯೂ-4 ರ ಪ್ರಕಾರ ಇ-ಟೆಂಡರ ಆಹ್ವಾನಿಸಲಾಗಿದೆ.
ಕಾಮಗಾರಿಗಳ ಅಂದಾಜು ಮೊತ್ತ ರೂ. 48.90 ಲಕ್ಷದಿಂದ ರೂ. 500 ಲಕ್ಷಗಳ ವರೆಗೆ ಇರುತ್ತದೆ.
ಭರ್ತಿ ಮಾಡಿದ ಟೆಂಡರಗಳನ್ನು ಅಪ್‌ಲೋಡ ಮಾಡುವ ಕೊನೆಯ ದಿನಾಂಕ: 17/01/2026 ಸಾಯಂಕಾಲ 4.0 ಘಂಟೆಯವರೆಗೆ.
ತಾಂತ್ರಿಕ ಬಿಡ್‌ಗಳನ್ನು ತೆರೆಯುವ ದಿನಾಂಕ: 19/01/2026 ರಂದು ಮಧ್ಯಾಹ್ನ 11.00 ನಂತರ ತೆರೆಯಲಾಗುವುದು.
ಆರ್ಥಿಕ ಬಿಡ್‌ಗಳನ್ನು ತೆರೆಯುವ ದಿನಾಂಕ: 20/01/2026 ರಂದು ಮಧ್ಯಾಹ್ನ 11.00 ನಂತರ ತೆರೆಯಲಾಗುವುದು.
ಹೆಚ್ಚಿನ ಮಾಹಿತಿ ಕುರಿತು ಇ-ಪ್ರೊಕ್ಯೂರಮೆಂಟ್ ವೆಬ್‌ಸೈಟ್ https://www.kppp.karnataka.gov.in ಲಾಗಿನ್ ಆಗಿ, ಕಚೇರಿ ವೆಬ್ ಸೈಟ್ www.exambatown.mrc.gov.in, ನಲ್ಲಿ ಅಥವಾ ಪಟ್ಟಣ ಪಂಚಾಯತ ಕಾರ್ಯಾಲಯವನ್ನು ಸಂಪರ್ಕಿಸಬಹುದಾಗಿದೆ.
ಸಹಿ/-
ಮುಖ್ಯಾಧಿಕಾರಿ ಪಟ್ಟಣ
ಪಂಚಾಯತಯಕ್ಸಂಬಾ
